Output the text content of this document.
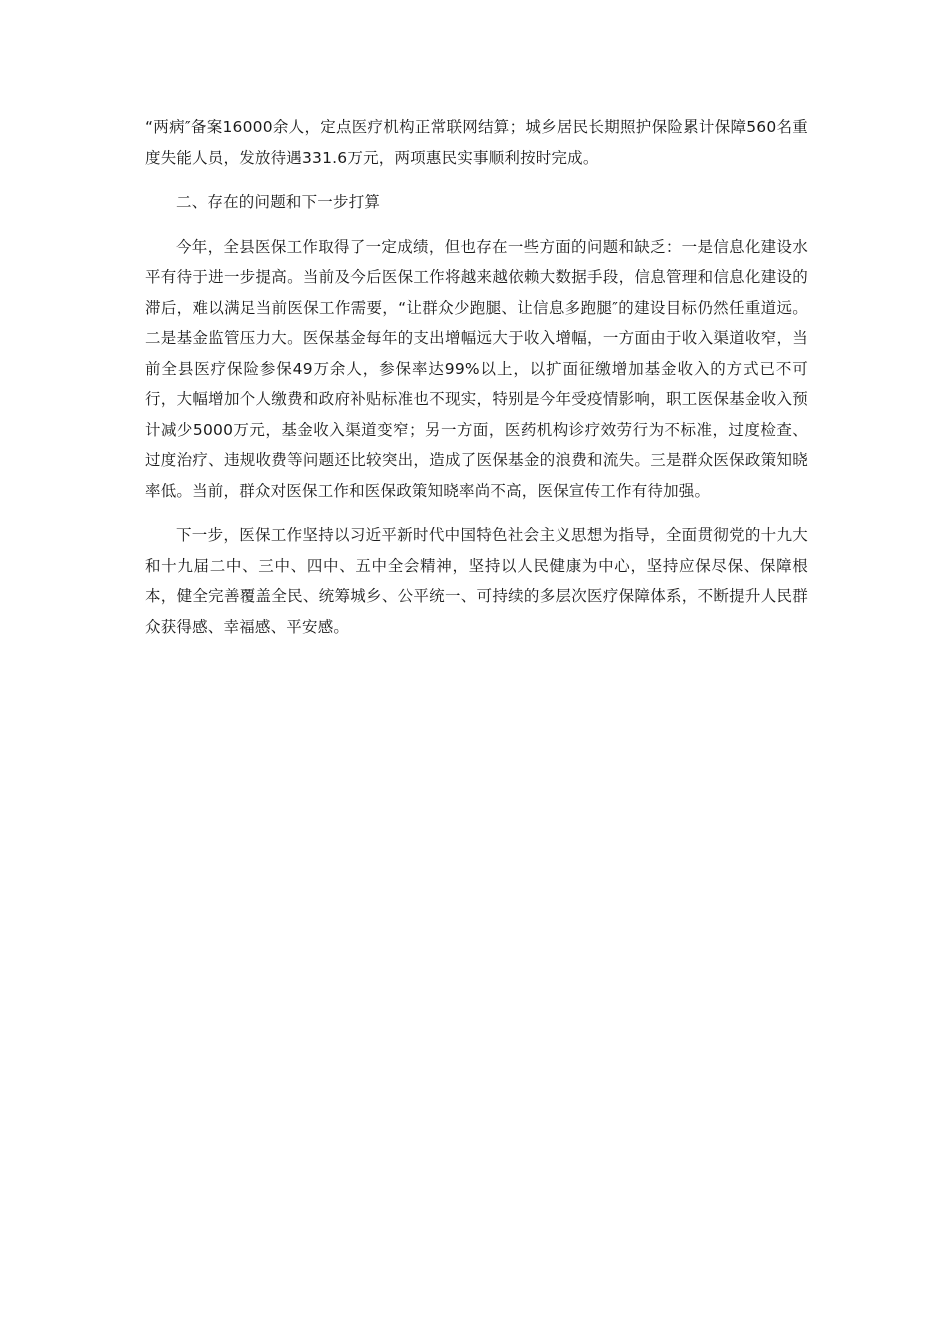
“两病″备案16000余人，定点医疗机构正常联网结算；城乡居民长期照护保险累计保障560名重度失能人员，发放待遇331.6万元，两项惠民实事顺利按时完成。

二、存在的问题和下一步打算

今年，全县医保工作取得了一定成绩，但也存在一些方面的问题和缺乏：一是信息化建设水平有待于进一步提高。当前及今后医保工作将越来越依赖大数据手段，信息管理和信息化建设的滞后，难以满足当前医保工作需要，“让群众少跑腿、让信息多跑腿″的建设目标仍然任重道远。二是基金监管压力大。医保基金每年的支出增幅远大于收入增幅，一方面由于收入渠道收窄，当前全县医疗保险参保49万余人，参保率达99%以上，以扩面征缴增加基金收入的方式已不可行，大幅增加个人缴费和政府补贴标准也不现实，特别是今年受疫情影响，职工医保基金收入预计减少5000万元，基金收入渠道变窄；另一方面，医药机构诊疗效劳行为不标准，过度检查、过度治疗、违规收费等问题还比较突出，造成了医保基金的浪费和流失。三是群众医保政策知晓率低。当前，群众对医保工作和医保政策知晓率尚不高，医保宣传工作有待加强。

下一步，医保工作坚持以习近平新时代中国特色社会主义思想为指导，全面贯彻党的十九大和十九届二中、三中、四中、五中全会精神，坚持以人民健康为中心，坚持应保尽保、保障根本，健全完善覆盖全民、统筹城乡、公平统一、可持续的多层次医疗保障体系，不断提升人民群众获得感、幸福感、平安感。
